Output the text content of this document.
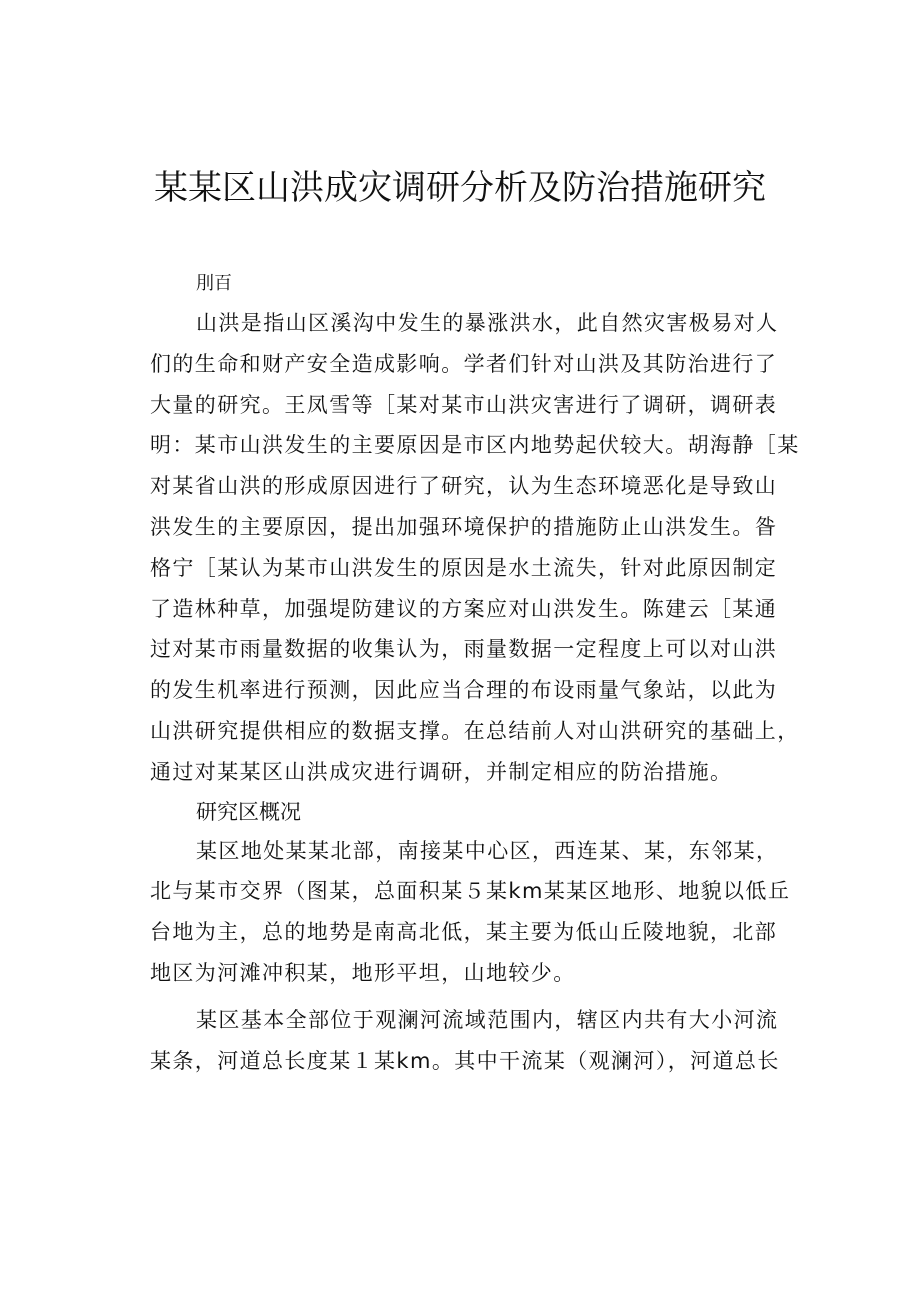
某某区山洪成灾调研分析及防治措施研究
刖百
山洪是指山区溪沟中发生的暴涨洪水，此自然灾害极易对人
们的生命和财产安全造成影响。学者们针对山洪及其防治进行了
大量的研究。王凤雪等［某对某市山洪灾害进行了调研，调研表
明：某市山洪发生的主要原因是市区内地势起伏较大。胡海静［某
对某省山洪的形成原因进行了研究，认为生态环境恶化是导致山
洪发生的主要原因，提出加强环境保护的措施防止山洪发生。昝
格宁［某认为某市山洪发生的原因是水土流失，针对此原因制定
了造林种草，加强堤防建议的方案应对山洪发生。陈建云［某通
过对某市雨量数据的收集认为，雨量数据一定程度上可以对山洪
的发生机率进行预测，因此应当合理的布设雨量气象站，以此为
山洪研究提供相应的数据支撑。在总结前人对山洪研究的基础上，
通过对某某区山洪成灾进行调研，并制定相应的防治措施。
研究区概况
某区地处某某北部，南接某中心区，西连某、某，东邻某，
北与某市交界（图某，总面积某５某km某某区地形、地貌以低丘
台地为主，总的地势是南高北低，某主要为低山丘陵地貌，北部
地区为河滩冲积某，地形平坦，山地较少。
某区基本全部位于观澜河流域范围内，辖区内共有大小河流
某条，河道总长度某１某km。其中干流某（观澜河），河道总长
